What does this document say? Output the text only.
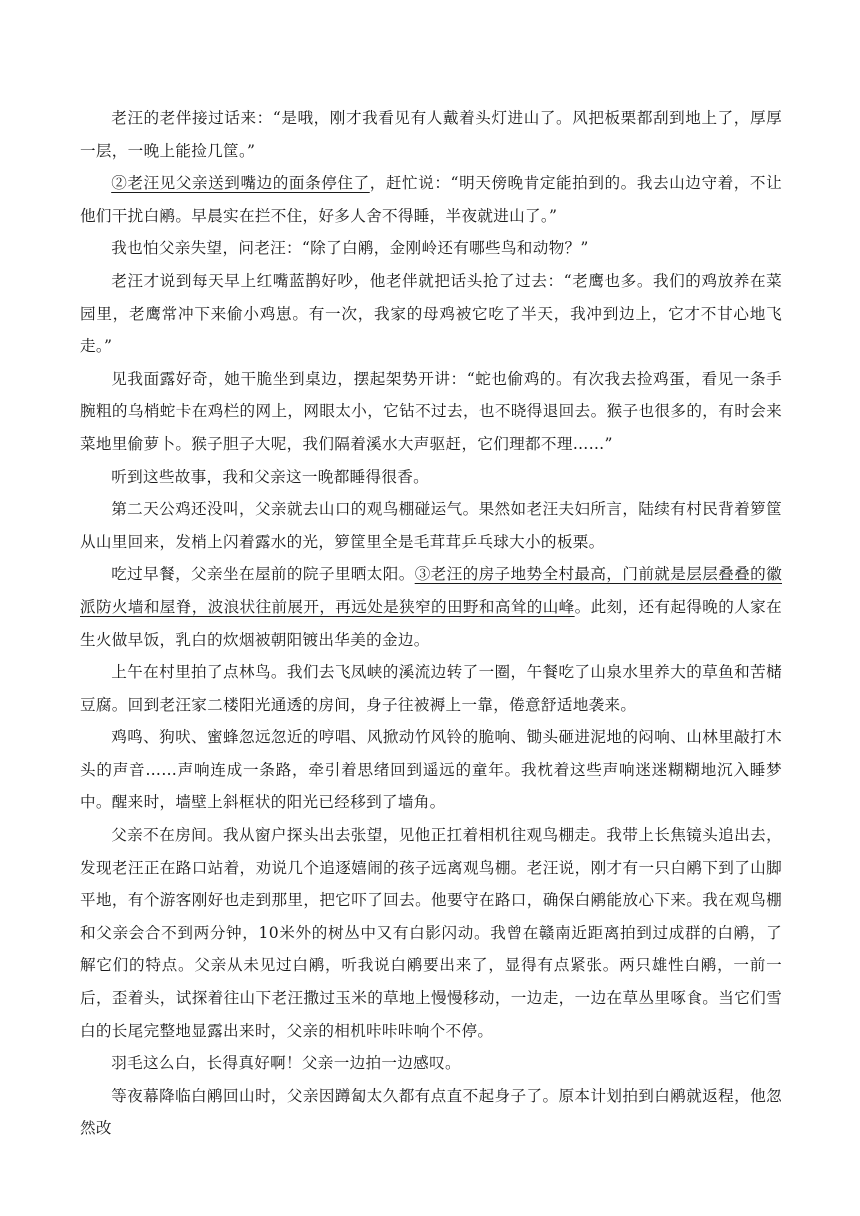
老汪的老伴接过话来：“是哦，刚才我看见有人戴着头灯进山了。风把板栗都刮到地上了，厚厚一层，一晚上能捡几筐。”

②老汪见父亲送到嘴边的面条停住了，赶忙说：“明天傍晚肯定能拍到的。我去山边守着，不让他们干扰白鹇。早晨实在拦不住，好多人舍不得睡，半夜就进山了。”

我也怕父亲失望，问老汪：“除了白鹇，金刚岭还有哪些鸟和动物？”

老汪才说到每天早上红嘴蓝鹊好吵，他老伴就把话头抢了过去：“老鹰也多。我们的鸡放养在菜园里，老鹰常冲下来偷小鸡崽。有一次，我家的母鸡被它吃了半天，我冲到边上，它才不甘心地飞走。”

见我面露好奇，她干脆坐到桌边，摆起架势开讲：“蛇也偷鸡的。有次我去捡鸡蛋，看见一条手腕粗的乌梢蛇卡在鸡栏的网上，网眼太小，它钻不过去，也不晓得退回去。猴子也很多的，有时会来菜地里偷萝卜。猴子胆子大呢，我们隔着溪水大声驱赶，它们理都不理……”

听到这些故事，我和父亲这一晚都睡得很香。

第二天公鸡还没叫，父亲就去山口的观鸟棚碰运气。果然如老汪夫妇所言，陆续有村民背着箩筐从山里回来，发梢上闪着露水的光，箩筐里全是毛茸茸乒乓球大小的板栗。

吃过早餐，父亲坐在屋前的院子里晒太阳。③老汪的房子地势全村最高，门前就是层层叠叠的徽派防火墙和屋脊，波浪状往前展开，再远处是狭窄的田野和高耸的山峰。此刻，还有起得晚的人家在生火做早饭，乳白的炊烟被朝阳镀出华美的金边。

上午在村里拍了点林鸟。我们去飞凤峡的溪流边转了一圈，午餐吃了山泉水里养大的草鱼和苦槠豆腐。回到老汪家二楼阳光通透的房间，身子往被褥上一靠，倦意舒适地袭来。

鸡鸣、狗吠、蜜蜂忽远忽近的哼唱、风掀动竹风铃的脆响、锄头砸进泥地的闷响、山林里敲打木头的声音……声响连成一条路，牵引着思绪回到遥远的童年。我枕着这些声响迷迷糊糊地沉入睡梦中。醒来时，墙壁上斜框状的阳光已经移到了墙角。

父亲不在房间。我从窗户探头出去张望，见他正扛着相机往观鸟棚走。我带上长焦镜头追出去，发现老汪正在路口站着，劝说几个追逐嬉闹的孩子远离观鸟棚。老汪说，刚才有一只白鹇下到了山脚平地，有个游客刚好也走到那里，把它吓了回去。他要守在路口，确保白鹇能放心下来。我在观鸟棚和父亲会合不到两分钟，10米外的树丛中又有白影闪动。我曾在赣南近距离拍到过成群的白鹇，了解它们的特点。父亲从未见过白鹇，听我说白鹇要出来了，显得有点紧张。两只雄性白鹇，一前一后，歪着头，试探着往山下老汪撒过玉米的草地上慢慢移动，一边走，一边在草丛里啄食。当它们雪白的长尾完整地显露出来时，父亲的相机咔咔咔响个不停。

羽毛这么白，长得真好啊！父亲一边拍一边感叹。

等夜幕降临白鹇回山时，父亲因蹲匐太久都有点直不起身子了。原本计划拍到白鹇就返程，他忽然改
